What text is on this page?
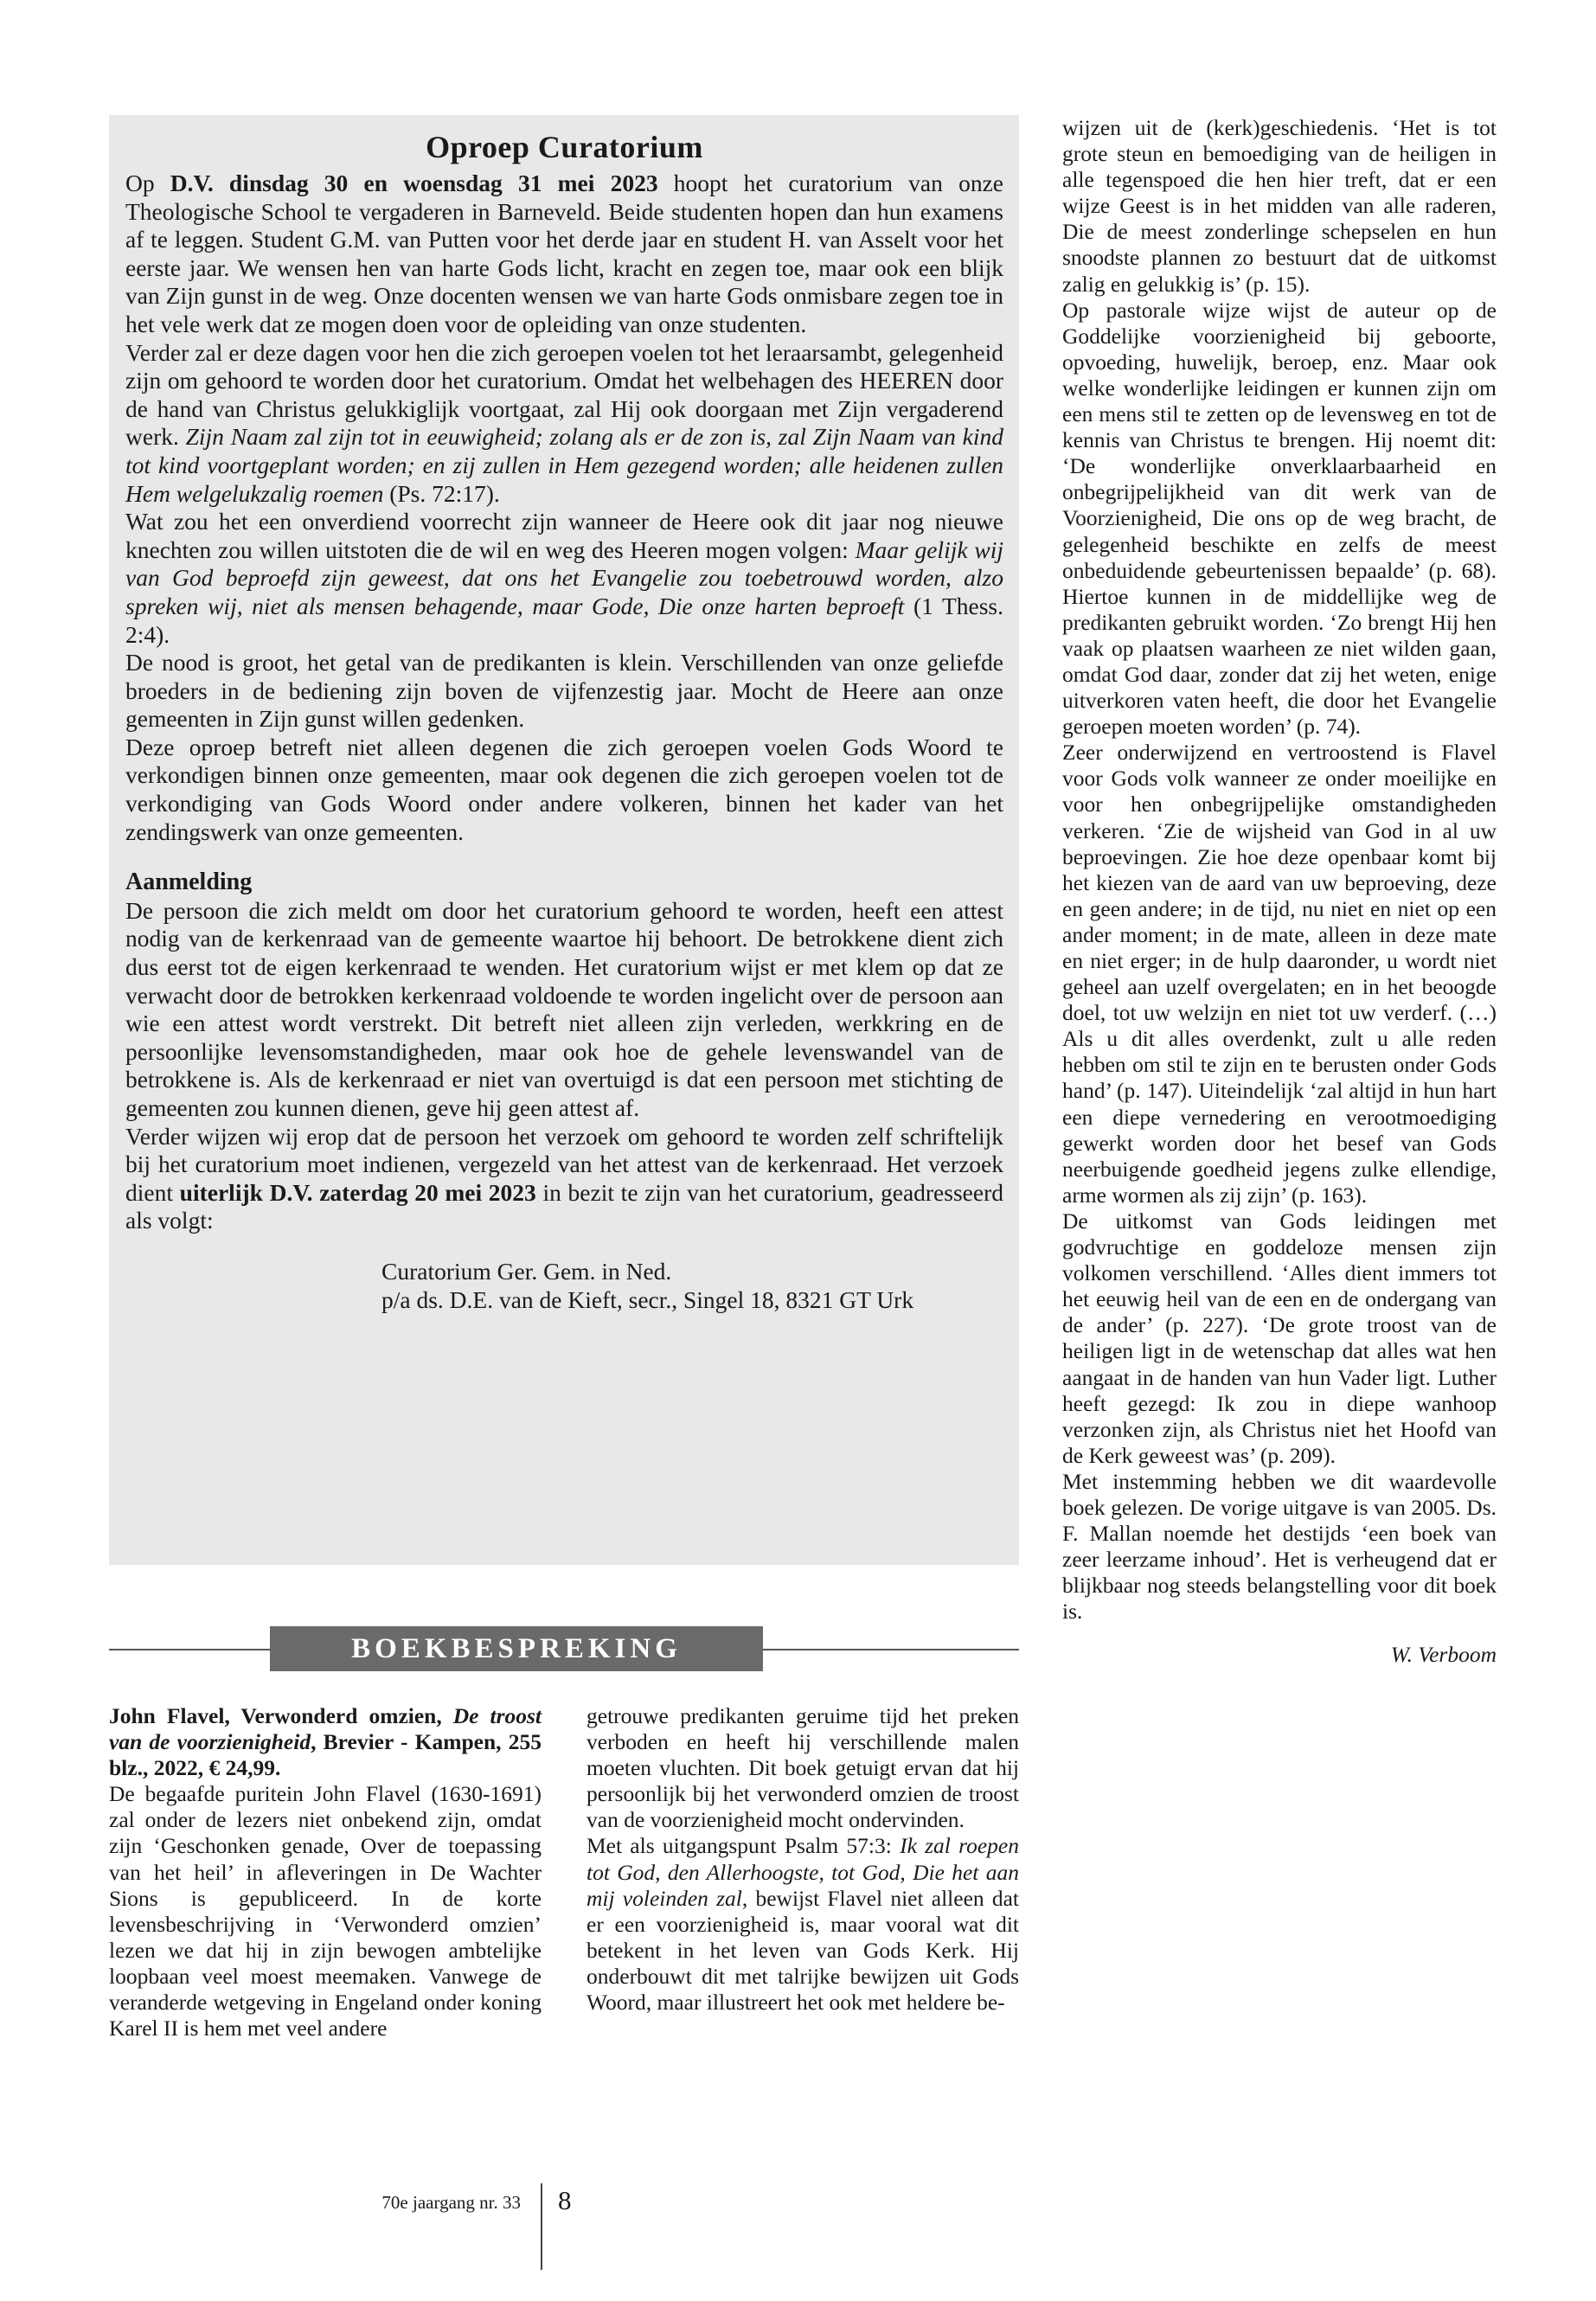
Oproep Curatorium

Op D.V. dinsdag 30 en woensdag 31 mei 2023 hoopt het curatorium van onze Theologische School te vergaderen in Barneveld. Beide studenten hopen dan hun examens af te leggen. Student G.M. van Putten voor het derde jaar en student H. van Asselt voor het eerste jaar. We wensen hen van harte Gods licht, kracht en zegen toe, maar ook een blijk van Zijn gunst in de weg. Onze docenten wensen we van harte Gods onmisbare zegen toe in het vele werk dat ze mogen doen voor de opleiding van onze studenten.

Verder zal er deze dagen voor hen die zich geroepen voelen tot het leraarsambt, gelegenheid zijn om gehoord te worden door het curatorium. Omdat het welbehagen des HEEREN door de hand van Christus gelukkiglijk voortgaat, zal Hij ook doorgaan met Zijn vergaderend werk. Zijn Naam zal zijn tot in eeuwigheid; zolang als er de zon is, zal Zijn Naam van kind tot kind voortgeplant worden; en zij zullen in Hem gezegend worden; alle heidenen zullen Hem welgelukzalig roemen (Ps. 72:17).

Wat zou het een onverdiend voorrecht zijn wanneer de Heere ook dit jaar nog nieuwe knechten zou willen uitstoten die de wil en weg des Heeren mogen volgen: Maar gelijk wij van God beproefd zijn geweest, dat ons het Evangelie zou toebetrouwd worden, alzo spreken wij, niet als mensen behagende, maar Gode, Die onze harten beproeft (1 Thess. 2:4).

De nood is groot, het getal van de predikanten is klein. Verschillenden van onze geliefde broeders in de bediening zijn boven de vijfenzestig jaar. Mocht de Heere aan onze gemeenten in Zijn gunst willen gedenken.

Deze oproep betreft niet alleen degenen die zich geroepen voelen Gods Woord te verkondigen binnen onze gemeenten, maar ook degenen die zich geroepen voelen tot de verkondiging van Gods Woord onder andere volkeren, binnen het kader van het zendingswerk van onze gemeenten.

Aanmelding

De persoon die zich meldt om door het curatorium gehoord te worden, heeft een attest nodig van de kerkenraad van de gemeente waartoe hij behoort. De betrokkene dient zich dus eerst tot de eigen kerkenraad te wenden. Het curatorium wijst er met klem op dat ze verwacht door de betrokken kerkenraad voldoende te worden ingelicht over de persoon aan wie een attest wordt verstrekt. Dit betreft niet alleen zijn verleden, werkkring en de persoonlijke levensomstandigheden, maar ook hoe de gehele levenswandel van de betrokkene is. Als de kerkenraad er niet van overtuigd is dat een persoon met stichting de gemeenten zou kunnen dienen, geve hij geen attest af.

Verder wijzen wij erop dat de persoon het verzoek om gehoord te worden zelf schriftelijk bij het curatorium moet indienen, vergezeld van het attest van de kerkenraad. Het verzoek dient uiterlijk D.V. zaterdag 20 mei 2023 in bezit te zijn van het curatorium, geadresseerd als volgt:

Curatorium Ger. Gem. in Ned.
p/a ds. D.E. van de Kieft, secr., Singel 18, 8321 GT Urk
BOEKBESPREKING

John Flavel, Verwonderd omzien, De troost van de voorzienigheid, Brevier - Kampen, 255 blz., 2022, € 24,99.

De begaafde puritein John Flavel (1630-1691) zal onder de lezers niet onbekend zijn, omdat zijn ‘Geschonken genade, Over de toepassing van het heil’ in afleveringen in De Wachter Sions is gepubliceerd. In de korte levensbeschrijving in ‘Verwonderd omzien’ lezen we dat hij in zijn bewogen ambtelijke loopbaan veel moest meemaken. Vanwege de veranderde wetgeving in Engeland onder koning Karel II is hem met veel andere

getrouwe predikanten geruime tijd het preken verboden en heeft hij verschillende malen moeten vluchten. Dit boek getuigt ervan dat hij persoonlijk bij het verwonderd omzien de troost van de voorzienigheid mocht ondervinden.

Met als uitgangspunt Psalm 57:3: Ik zal roepen tot God, den Allerhoogste, tot God, Die het aan mij voleinden zal, bewijst Flavel niet alleen dat er een voorzienigheid is, maar vooral wat dit betekent in het leven van Gods Kerk. Hij onderbouwt dit met talrijke bewijzen uit Gods Woord, maar illustreert het ook met heldere be-

wijzen uit de (kerk)geschiedenis. ‘Het is tot grote steun en bemoediging van de heiligen in alle tegenspoed die hen hier treft, dat er een wijze Geest is in het midden van alle raderen, Die de meest zonderlinge schepselen en hun snoodste plannen zo bestuurt dat de uitkomst zalig en gelukkig is’ (p. 15).

Op pastorale wijze wijst de auteur op de Goddelijke voorzienigheid bij geboorte, opvoeding, huwelijk, beroep, enz. Maar ook welke wonderlijke leidingen er kunnen zijn om een mens stil te zetten op de levensweg en tot de kennis van Christus te brengen. Hij noemt dit: ‘De wonderlijke onverklaarbaarheid en onbegrijpelijkheid van dit werk van de Voorzienigheid, Die ons op de weg bracht, de gelegenheid beschikte en zelfs de meest onbeduidende gebeurtenissen bepaalde’ (p. 68). Hiertoe kunnen in de middellijke weg de predikanten gebruikt worden. ‘Zo brengt Hij hen vaak op plaatsen waarheen ze niet wilden gaan, omdat God daar, zonder dat zij het weten, enige uitverkoren vaten heeft, die door het Evangelie geroepen moeten worden’ (p. 74).

Zeer onderwijzend en vertroostend is Flavel voor Gods volk wanneer ze onder moeilijke en voor hen onbegrijpelijke omstandigheden verkeren. ‘Zie de wijsheid van God in al uw beproevingen. Zie hoe deze openbaar komt bij het kiezen van de aard van uw beproeving, deze en geen andere; in de tijd, nu niet en niet op een ander moment; in de mate, alleen in deze mate en niet erger; in de hulp daaronder, u wordt niet geheel aan uzelf overgelaten; en in het beoogde doel, tot uw welzijn en niet tot uw verderf. (…) Als u dit alles overdenkt, zult u alle reden hebben om stil te zijn en te berusten onder Gods hand’ (p. 147). Uiteindelijk ‘zal altijd in hun hart een diepe vernedering en verootmoediging gewerkt worden door het besef van Gods neerbuigende goedheid jegens zulke ellendige, arme wormen als zij zijn’ (p. 163).

De uitkomst van Gods leidingen met godvruchtige en goddeloze mensen zijn volkomen verschillend. ‘Alles dient immers tot het eeuwig heil van de een en de ondergang van de ander’ (p. 227). ‘De grote troost van de heiligen ligt in de wetenschap dat alles wat hen aangaat in de handen van hun Vader ligt. Luther heeft gezegd: Ik zou in diepe wanhoop verzonken zijn, als Christus niet het Hoofd van de Kerk geweest was’ (p. 209).

Met instemming hebben we dit waardevolle boek gelezen. De vorige uitgave is van 2005. Ds. F. Mallan noemde het destijds ‘een boek van zeer leerzame inhoud’. Het is verheugend dat er blijkbaar nog steeds belangstelling voor dit boek is.

W. Verboom

70e jaargang nr. 33 8
